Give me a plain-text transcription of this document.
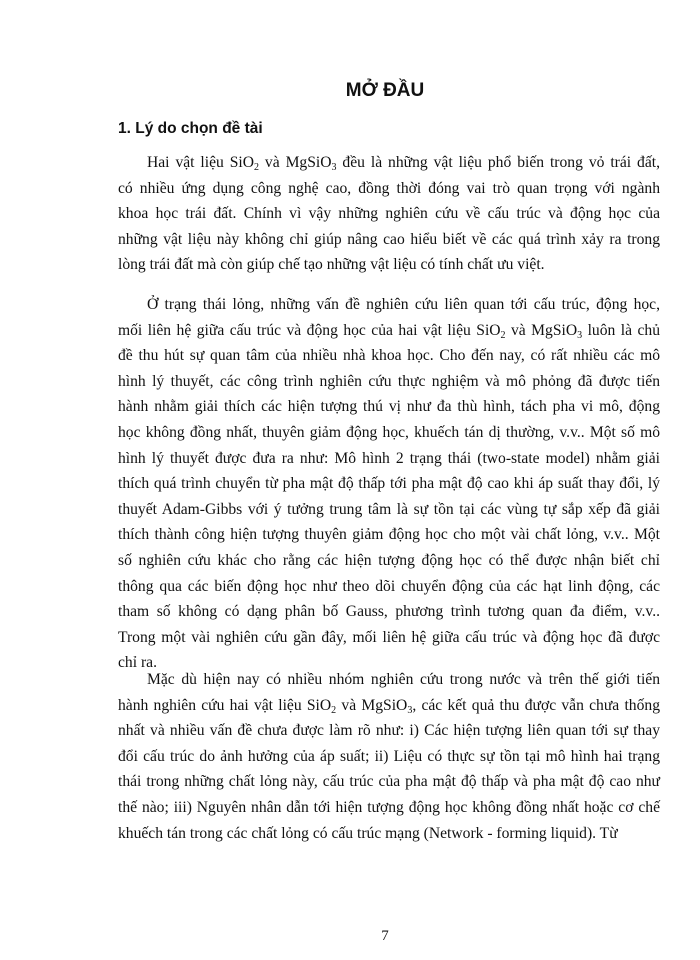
MỞ ĐẦU
1. Lý do chọn đề tài
Hai vật liệu SiO$_2$ và MgSiO$_3$ đều là những vật liệu phổ biến trong vỏ trái đất,
có nhiều ứng dụng công nghệ cao, đồng thời đóng vai trò quan trọng với ngành
khoa học trái đất. Chính vì vậy những nghiên cứu về cấu trúc và động học của
những vật liệu này không chỉ giúp nâng cao hiểu biết về các quá trình xảy ra trong
lòng trái đất mà còn giúp chế tạo những vật liệu có tính chất ưu việt.
Ở trạng thái lỏng, những vấn đề nghiên cứu liên quan tới cấu trúc, động học,
mối liên hệ giữa cấu trúc và động học của hai vật liệu SiO$_2$ và MgSiO$_3$ luôn là chủ
đề thu hút sự quan tâm của nhiều nhà khoa học. Cho đến nay, có rất nhiều các mô
hình lý thuyết, các công trình nghiên cứu thực nghiệm và mô phỏng đã được tiến
hành nhằm giải thích các hiện tượng thú vị như đa thù hình, tách pha vi mô, động
học không đồng nhất, thuyên giảm động học, khuếch tán dị thường, v.v.. Một số mô
hình lý thuyết được đưa ra như: Mô hình 2 trạng thái (two-state model) nhằm giải
thích quá trình chuyển từ pha mật độ thấp tới pha mật độ cao khi áp suất thay đổi, lý
thuyết Adam-Gibbs với ý tưởng trung tâm là sự tồn tại các vùng tự sắp xếp đã giải
thích thành công hiện tượng thuyên giảm động học cho một vài chất lỏng, v.v.. Một
số nghiên cứu khác cho rằng các hiện tượng động học có thể được nhận biết chỉ
thông qua các biến động học như theo dõi chuyển động của các hạt linh động, các
tham số không có dạng phân bố Gauss, phương trình tương quan đa điểm, v.v..
Trong một vài nghiên cứu gần đây, mối liên hệ giữa cấu trúc và động học đã được
chỉ ra.
Mặc dù hiện nay có nhiều nhóm nghiên cứu trong nước và trên thế giới tiến
hành nghiên cứu hai vật liệu SiO$_2$ và MgSiO$_3$, các kết quả thu được vẫn chưa thống
nhất và nhiều vấn đề chưa được làm rõ như: i) Các hiện tượng liên quan tới sự thay
đổi cấu trúc do ảnh hưởng của áp suất; ii) Liệu có thực sự tồn tại mô hình hai trạng
thái trong những chất lỏng này, cấu trúc của pha mật độ thấp và pha mật độ cao như
thế nào; iii) Nguyên nhân dẫn tới hiện tượng động học không đồng nhất hoặc cơ chế
khuếch tán trong các chất lỏng có cấu trúc mạng (Network - forming liquid). Từ
7
